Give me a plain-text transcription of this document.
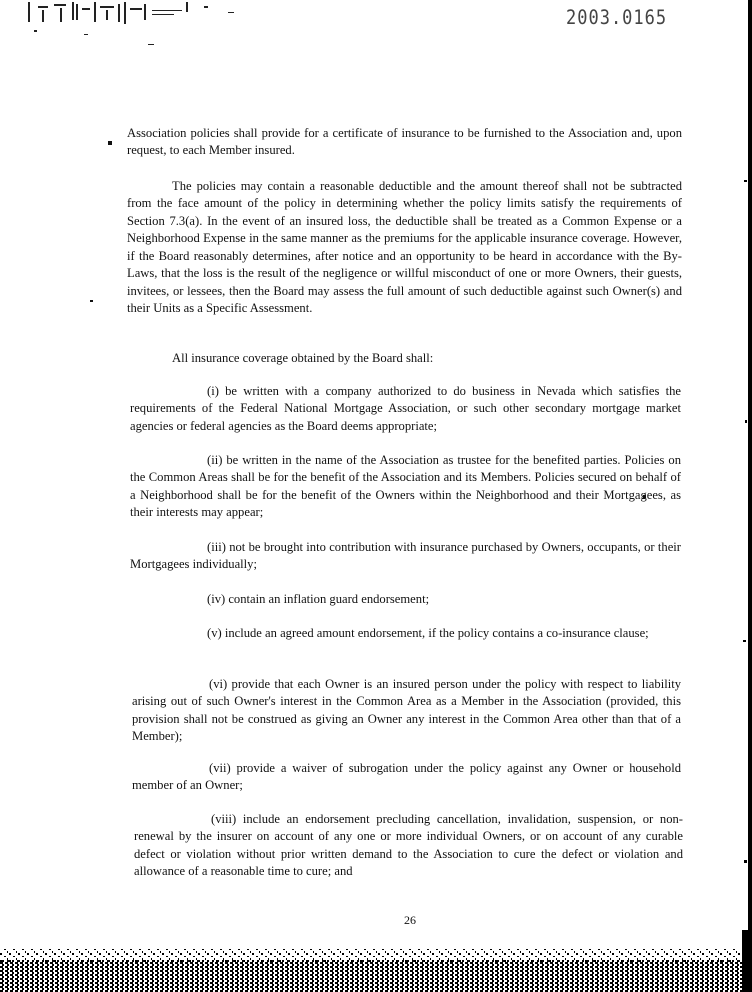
2003.0165

Association policies shall provide for a certificate of insurance to be furnished to the Association and, upon request, to each Member insured.

The policies may contain a reasonable deductible and the amount thereof shall not be subtracted from the face amount of the policy in determining whether the policy limits satisfy the requirements of Section 7.3(a). In the event of an insured loss, the deductible shall be treated as a Common Expense or a Neighborhood Expense in the same manner as the premiums for the applicable insurance coverage. However, if the Board reasonably determines, after notice and an opportunity to be heard in accordance with the By-Laws, that the loss is the result of the negligence or willful misconduct of one or more Owners, their guests, invitees, or lessees, then the Board may assess the full amount of such deductible against such Owner(s) and their Units as a Specific Assessment.

All insurance coverage obtained by the Board shall:

(i) be written with a company authorized to do business in Nevada which satisfies the requirements of the Federal National Mortgage Association, or such other secondary mortgage market agencies or federal agencies as the Board deems appropriate;

(ii) be written in the name of the Association as trustee for the benefited parties. Policies on the Common Areas shall be for the benefit of the Association and its Members. Policies secured on behalf of a Neighborhood shall be for the benefit of the Owners within the Neighborhood and their Mortgagees, as their interests may appear;

(iii) not be brought into contribution with insurance purchased by Owners, occupants, or their Mortgagees individually;

(iv) contain an inflation guard endorsement;

(v) include an agreed amount endorsement, if the policy contains a co-insurance clause;

(vi) provide that each Owner is an insured person under the policy with respect to liability arising out of such Owner's interest in the Common Area as a Member in the Association (provided, this provision shall not be construed as giving an Owner any interest in the Common Area other than that of a Member);

(vii) provide a waiver of subrogation under the policy against any Owner or household member of an Owner;

(viii) include an endorsement precluding cancellation, invalidation, suspension, or non-renewal by the insurer on account of any one or more individual Owners, or on account of any curable defect or violation without prior written demand to the Association to cure the defect or violation and allowance of a reasonable time to cure; and

26
